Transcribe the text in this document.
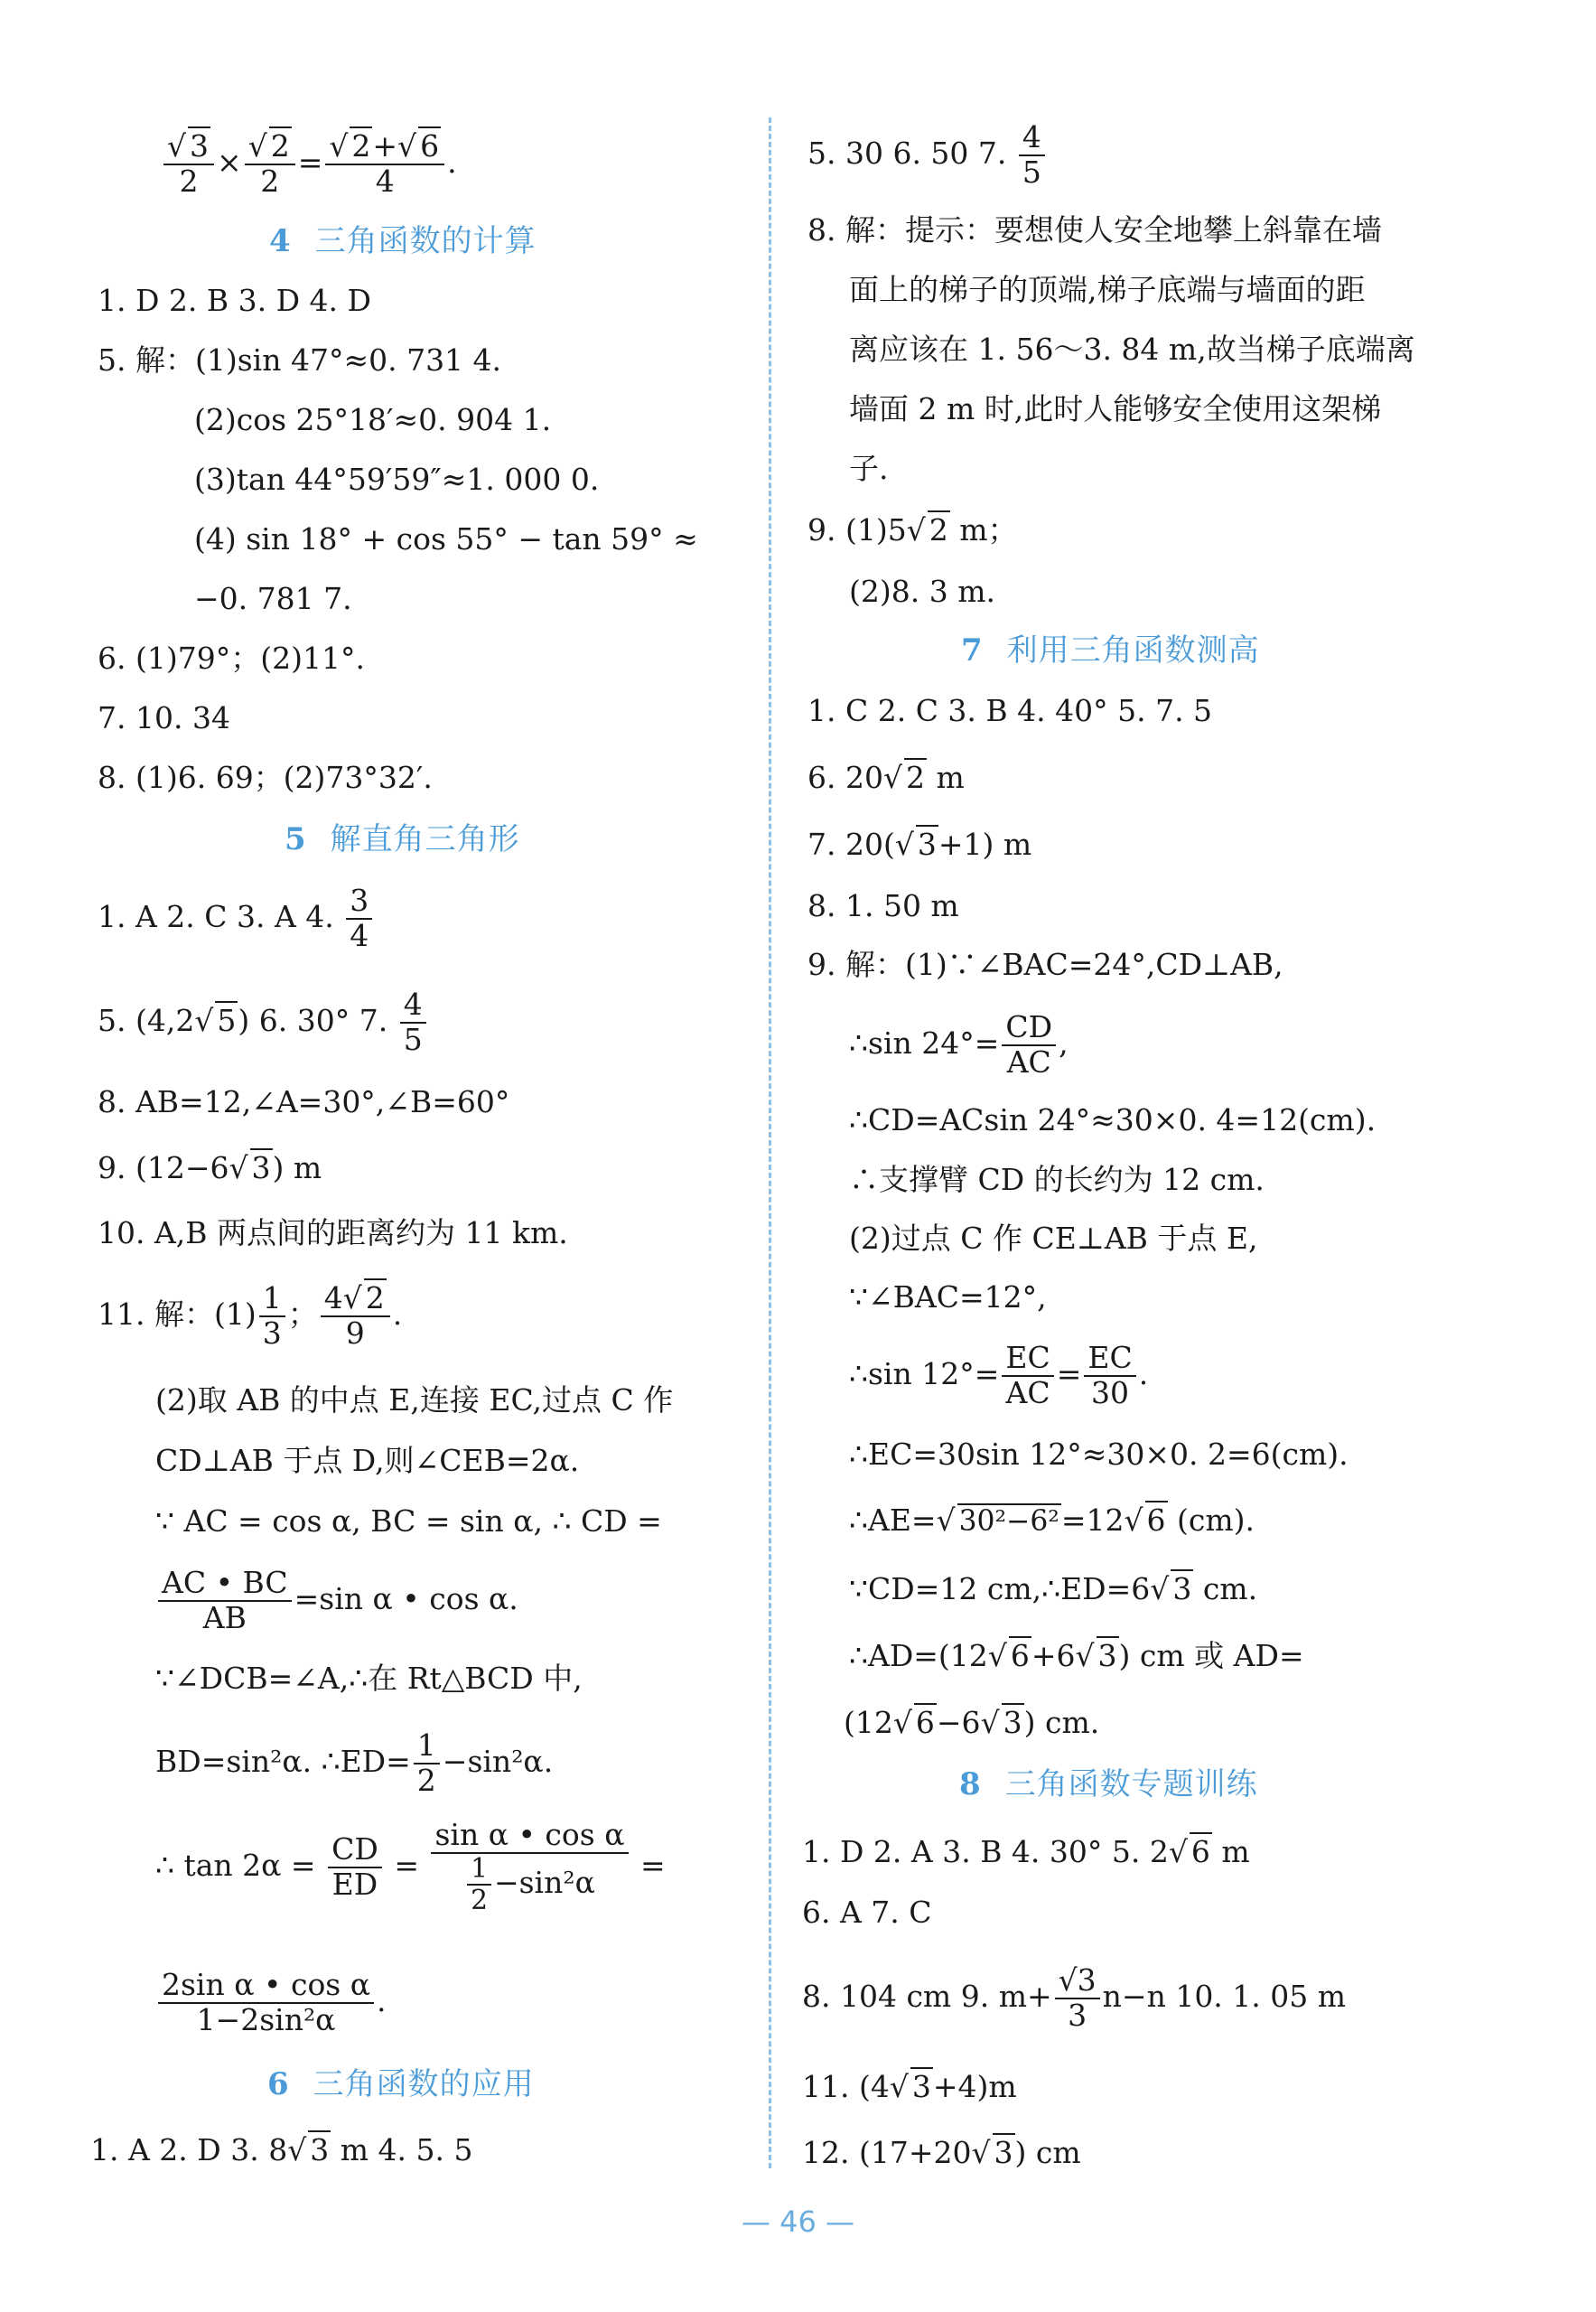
$\frac{√ 3}{2} \times \frac{√ 2}{2} = \frac{√ 2+√ 6}{4}$ .
4 三角函数的计算
1. D 2. B 3. D 4. D
5. 解：(1)sin 47°≈0. 731 4.
(2)cos 25°18′≈0. 904 1.
(3)tan 44°59′59″≈1. 000 0.
(4) sin 18° + cos 55° − tan 59° ≈
−0. 781 7.
6. (1)79°；(2)11°.
7. 10. 34
8. (1)6. 69；(2)73°32′.
5 解直角三角形
1. A 2. C 3. A 4. $\frac{3}{4}$
5. (4,2√ 5) 6. 30° 7. $\frac{4}{5}$
8. AB=12,∠A=30°,∠B=60°
9. (12−6√ 3) m
10. A,B 两点间的距离约为 11 km.
11. 解：$(1) \frac{1}{3}$ ； $\frac{4√ 2}{9}$ .
(2)取 AB 的中点 E,连接 EC,过点 C 作
CD⊥AB 于点 D,则∠CEB=2α.
∵ AC = cos α, BC = sin α, ∴ CD =
$\frac{AC • BC}{AB} =\sin$ α • cos α.
∵∠DCB=∠A,∴在 Rt△BCD 中,
BD=sin²α. ∴ED= $\frac{1}{2} -\sin^2\alpha$.
∴ $\tan 2\alpha = \frac{CD}{ED} = \frac{\text{sin α • cos α}}{\frac{1}{2} -\sin^2\alpha}$ =
$\frac{\text{2sin α • cos α}}{\text{1−2sin²α}}$ .
6 三角函数的应用
1. A 2. D 3. 8√ 3 m 4. 5. 5
5. 30 6. 50 7. $\frac{4}{5}$
8. 解：提示：要想使人安全地攀上斜靠在墙
面上的梯子的顶端,梯子底端与墙面的距
离应该在 1. 56～3. 84 m,故当梯子底端离
墙面 2 m 时,此时人能够安全使用这架梯
子.
9. (1)5√ 2 m；
(2)8. 3 m.
7 利用三角函数测高
1. C 2. C 3. B 4. 40° 5. 7. 5
6. 20√ 2 m
7. 20(√ 3+1) m
8. 1. 50 m
9. 解：(1)∵∠BAC=24°,CD⊥AB,
∴sin $24^\circ= \frac{CD}{AC}$ ,
∴CD=ACsin 24°≈30×0. 4=12(cm).
∴支撑臂 CD 的长约为 12 cm.
(2)过点 C 作 CE⊥AB 于点 E,
∵∠BAC=12°,
∴sin $12^\circ= \frac{EC}{AC} = \frac{EC}{30}$ .
∴EC=30sin 12°≈30×0. 2=6(cm).
∴AE=√ 30²−6²=12√ 6 (cm).
∵CD=12 cm,∴ED=6√ 3 cm.
∴AD=(12√ 6+6√ 3) cm 或 AD=
(12√ 6−6√ 3) cm.
8 三角函数专题训练
1. D 2. A 3. B 4. 30° 5. 2√ 6 m
6. A 7. C
8. 104 cm 9. $m+ \frac{√3}{3} n-n$ 10. 1. 05 m
11. (4√ 3+4)m
12. (17+20√ 3) cm
— 46 —
